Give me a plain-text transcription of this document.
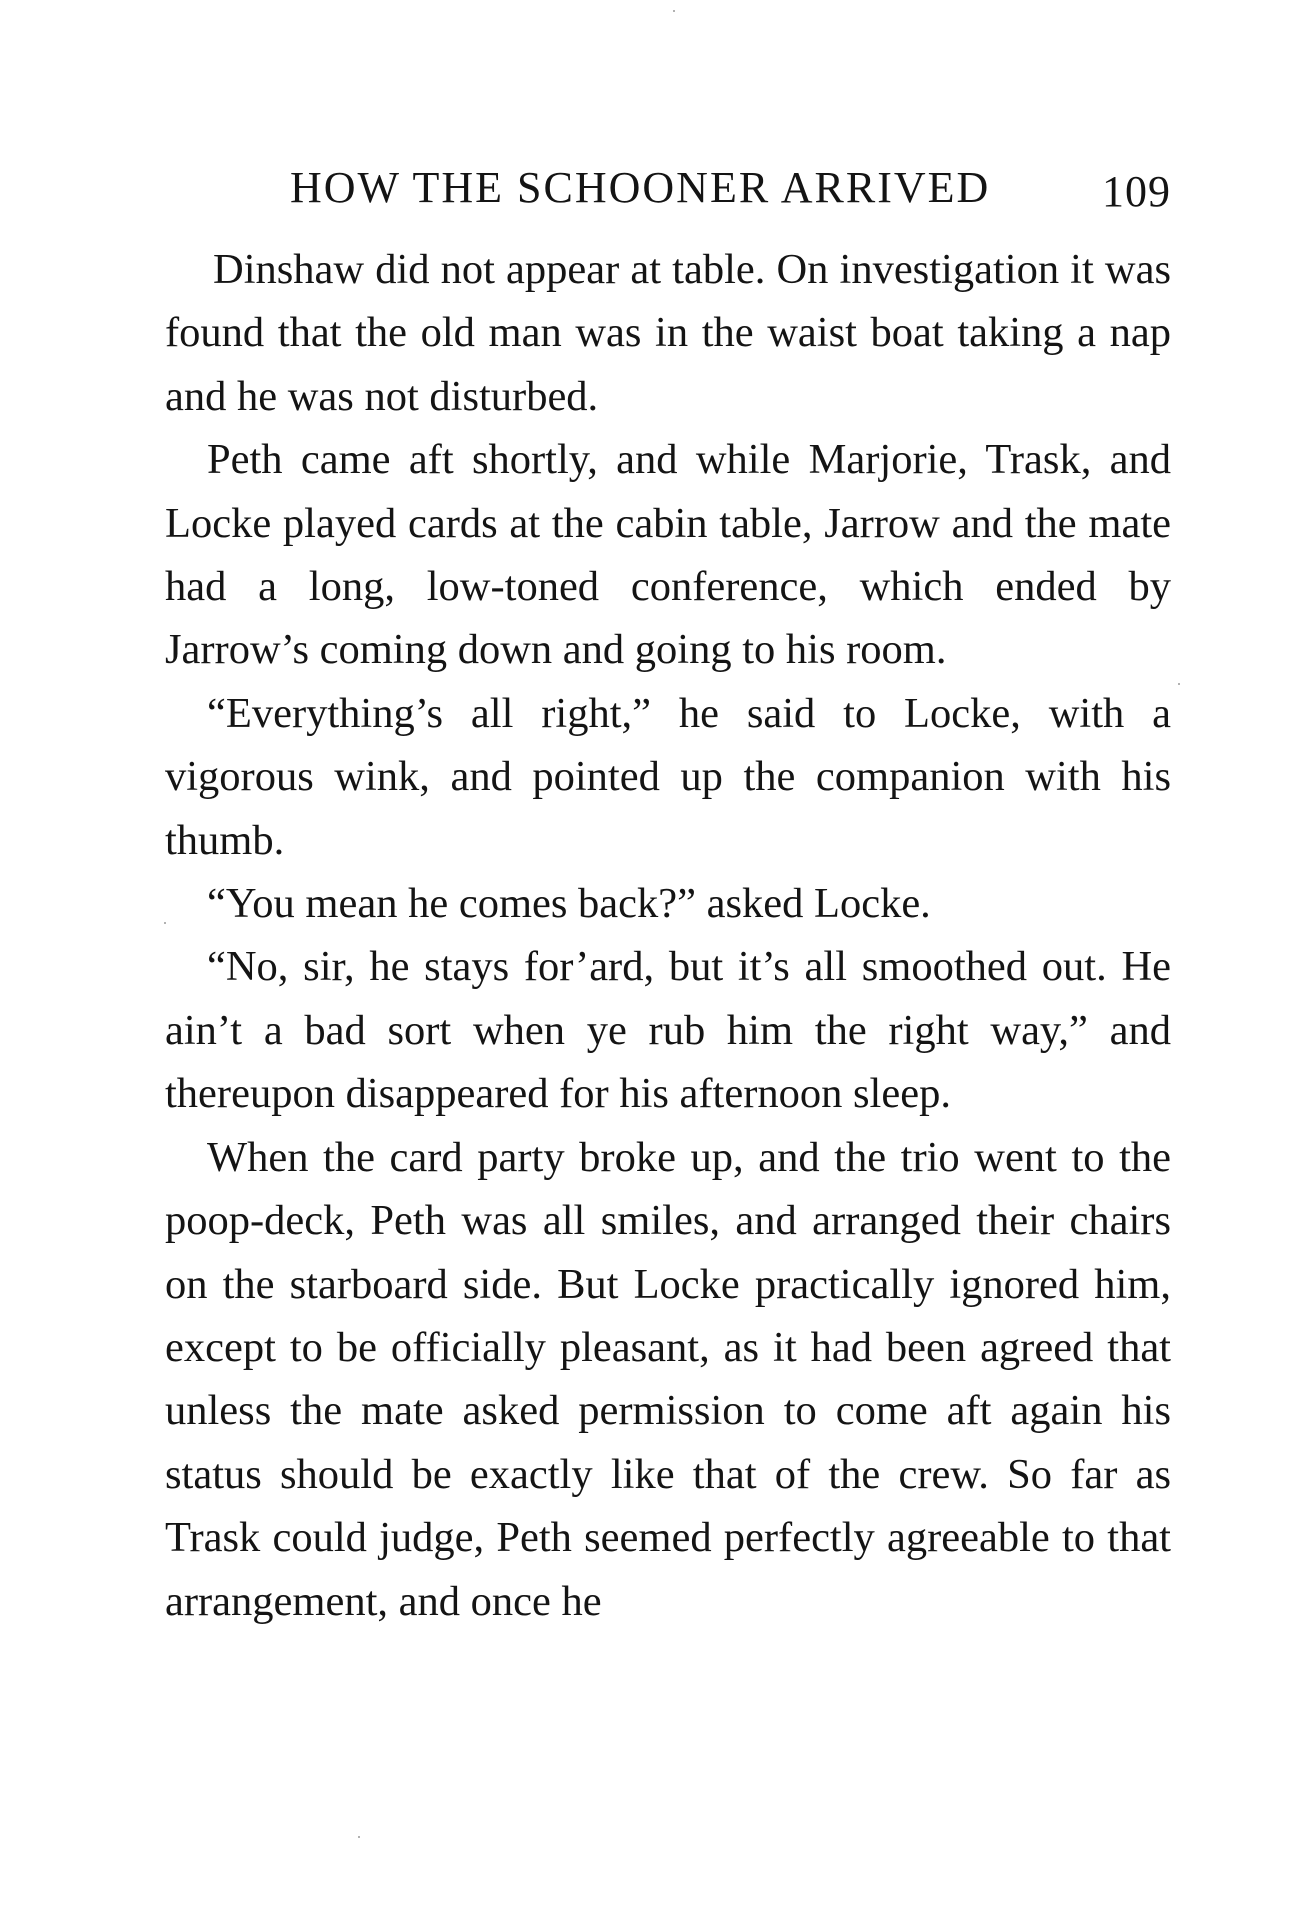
HOW THE SCHOONER ARRIVED	109

Dinshaw did not appear at table. On investigation it was found that the old man was in the waist boat taking a nap and he was not disturbed.

Peth came aft shortly, and while Marjorie, Trask, and Locke played cards at the cabin table, Jarrow and the mate had a long, low-toned conference, which ended by Jarrow’s coming down and going to his room.

“Everything’s all right,” he said to Locke, with a vigorous wink, and pointed up the companion with his thumb.

“You mean he comes back?” asked Locke.

“No, sir, he stays for’ard, but it’s all smoothed out. He ain’t a bad sort when ye rub him the right way,” and thereupon disappeared for his afternoon sleep.

When the card party broke up, and the trio went to the poop-deck, Peth was all smiles, and arranged their chairs on the starboard side. But Locke practically ignored him, except to be officially pleasant, as it had been agreed that unless the mate asked permission to come aft again his status should be exactly like that of the crew. So far as Trask could judge, Peth seemed perfectly agreeable to that arrangement, and once he
